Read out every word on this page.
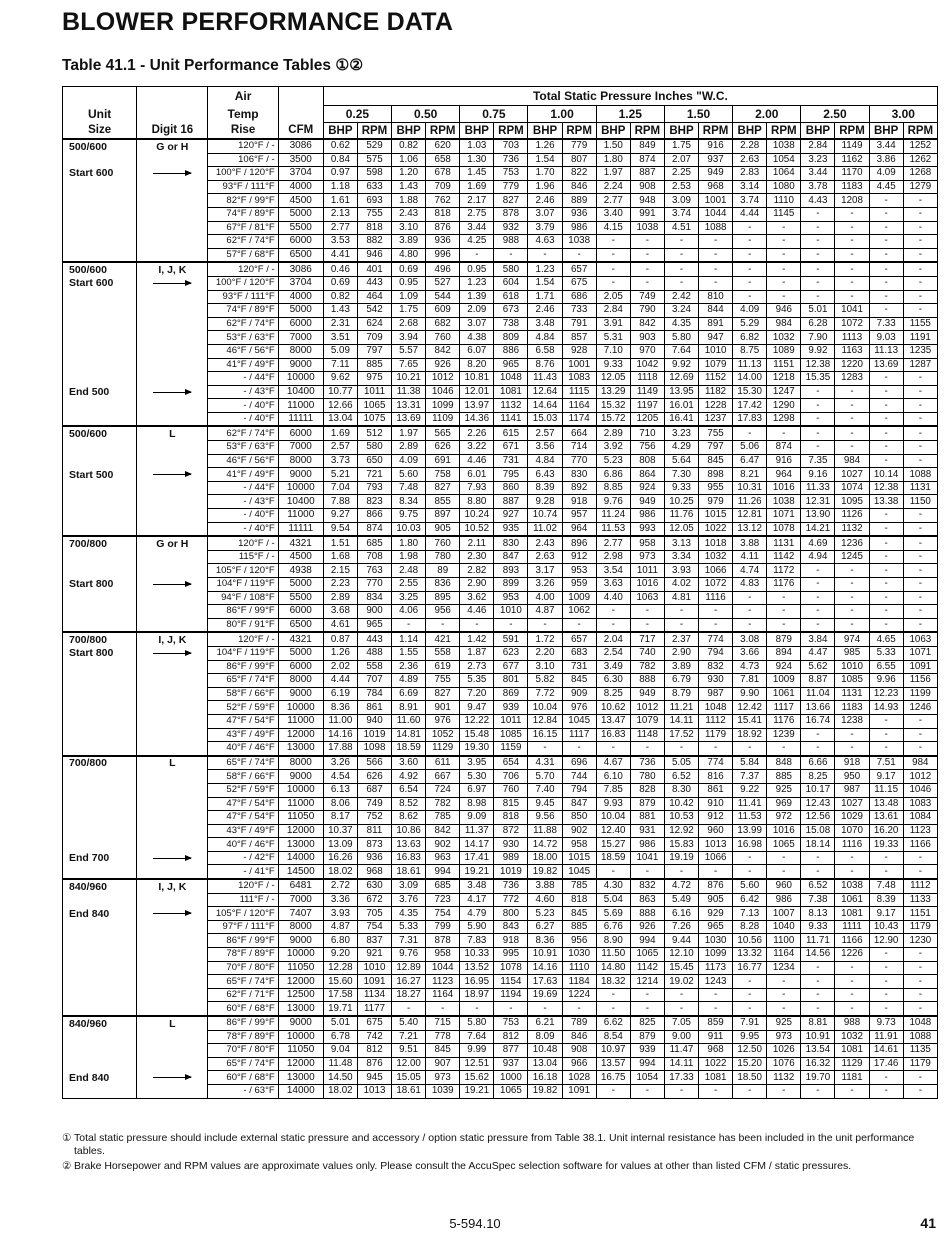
BLOWER PERFORMANCE DATA
Table 41.1 - Unit Performance Tables ①②
		Air		Total Static Pressure Inches "W.C.																	
Unit		Temp		0.25		0.50		0.75		1.00		1.25		1.50		2.00		2.50		3.00	
Size	Digit 16	Rise	CFM	BHP	RPM	BHP	RPM	BHP	RPM	BHP	RPM	BHP	RPM	BHP	RPM	BHP	RPM	BHP	RPM	BHP	RPM
500/600	G or H	120°F / -	3086	0.62	529	0.82	620	1.03	703	1.26	779	1.50	849	1.75	916	2.28	1038	2.84	1149	3.44	1252
		106°F / -	3500	0.84	575	1.06	658	1.30	736	1.54	807	1.80	874	2.07	937	2.63	1054	3.23	1162	3.86	1262
Start 600		100°F / 120°F	3704	0.97	598	1.20	678	1.45	753	1.70	822	1.97	887	2.25	949	2.83	1064	3.44	1170	4.09	1268
		93°F / 111°F	4000	1.18	633	1.43	709	1.69	779	1.96	846	2.24	908	2.53	968	3.14	1080	3.78	1183	4.45	1279
		82°F / 99°F	4500	1.61	693	1.88	762	2.17	827	2.46	889	2.77	948	3.09	1001	3.74	1110	4.43	1208	-	-
		74°F / 89°F	5000	2.13	755	2.43	818	2.75	878	3.07	936	3.40	991	3.74	1044	4.44	1145	-	-	-	-
		67°F / 81°F	5500	2.77	818	3.10	876	3.44	932	3.79	986	4.15	1038	4.51	1088	-	-	-	-	-	-
		62°F / 74°F	6000	3.53	882	3.89	936	4.25	988	4.63	1038	-	-	-	-	-	-	-	-	-	-
		57°F / 68°F	6500	4.41	946	4.80	996	-	-	-	-	-	-	-	-	-	-	-	-	-	-
500/600	I, J, K	120°F / -	3086	0.46	401	0.69	496	0.95	580	1.23	657	-	-	-	-	-	-	-	-	-	-
Start 600		100°F / 120°F	3704	0.69	443	0.95	527	1.23	604	1.54	675	-	-	-	-	-	-	-	-	-	-
		93°F / 111°F	4000	0.82	464	1.09	544	1.39	618	1.71	686	2.05	749	2.42	810	-	-	-	-	-	-
		74°F / 89°F	5000	1.43	542	1.75	609	2.09	673	2.46	733	2.84	790	3.24	844	4.09	946	5.01	1041	-	-
		62°F / 74°F	6000	2.31	624	2.68	682	3.07	738	3.48	791	3.91	842	4.35	891	5.29	984	6.28	1072	7.33	1155
		53°F / 63°F	7000	3.51	709	3.94	760	4.38	809	4.84	857	5.31	903	5.80	947	6.82	1032	7.90	1113	9.03	1191
		46°F / 56°F	8000	5.09	797	5.57	842	6.07	886	6.58	928	7.10	970	7.64	1010	8.75	1089	9.92	1163	11.13	1235
		41°F / 49°F	9000	7.11	885	7.65	926	8.20	965	8.76	1001	9.33	1042	9.92	1079	11.13	1151	12.38	1220	13.69	1287
		- / 44°F	10000	9.62	975	10.21	1012	10.81	1048	11.43	1083	12.05	1118	12.69	1152	14.00	1218	15.35	1283	-	-
End 500		- / 43°F	10400	10.77	1011	11.38	1046	12.01	1081	12.64	1115	13.29	1149	13.95	1182	15.30	1247	-	-	-	-
		- / 40°F	11000	12.66	1065	13.31	1099	13.97	1132	14.64	1164	15.32	1197	16.01	1228	17.42	1290	-	-	-	-
		- / 40°F	11111	13.04	1075	13.69	1109	14.36	1141	15.03	1174	15.72	1205	16.41	1237	17.83	1298	-	-	-	-
500/600	L	62°F / 74°F	6000	1.69	512	1.97	565	2.26	615	2.57	664	2.89	710	3.23	755	-	-	-	-	-	-
		53°F / 63°F	7000	2.57	580	2.89	626	3.22	671	3.56	714	3.92	756	4.29	797	5.06	874	-	-	-	-
		46°F / 56°F	8000	3.73	650	4.09	691	4.46	731	4.84	770	5.23	808	5.64	845	6.47	916	7.35	984	-	-
Start 500		41°F / 49°F	9000	5.21	721	5.60	758	6.01	795	6.43	830	6.86	864	7.30	898	8.21	964	9.16	1027	10.14	1088
		- / 44°F	10000	7.04	793	7.48	827	7.93	860	8.39	892	8.85	924	9.33	955	10.31	1016	11.33	1074	12.38	1131
		- / 43°F	10400	7.88	823	8.34	855	8.80	887	9.28	918	9.76	949	10.25	979	11.26	1038	12.31	1095	13.38	1150
		- / 40°F	11000	9.27	866	9.75	897	10.24	927	10.74	957	11.24	986	11.76	1015	12.81	1071	13.90	1126	-	-
		- / 40°F	11111	9.54	874	10.03	905	10.52	935	11.02	964	11.53	993	12.05	1022	13.12	1078	14.21	1132	-	-
700/800	G or H	120°F / -	4321	1.51	685	1.80	760	2.11	830	2.43	896	2.77	958	3.13	1018	3.88	1131	4.69	1236	-	-
		115°F / -	4500	1.68	708	1.98	780	2.30	847	2.63	912	2.98	973	3.34	1032	4.11	1142	4.94	1245	-	-
		105°F / 120°F	4938	2.15	763	2.48	89	2.82	893	3.17	953	3.54	1011	3.93	1066	4.74	1172	-	-	-	-
Start 800		104°F / 119°F	5000	2.23	770	2.55	836	2.90	899	3.26	959	3.63	1016	4.02	1072	4.83	1176	-	-	-	-
		94°F / 108°F	5500	2.89	834	3.25	895	3.62	953	4.00	1009	4.40	1063	4.81	1116	-	-	-	-	-	-
		86°F / 99°F	6000	3.68	900	4.06	956	4.46	1010	4.87	1062	-	-	-	-	-	-	-	-	-	-
		80°F / 91°F	6500	4.61	965	-	-	-	-	-	-	-	-	-	-	-	-	-	-	-	-
700/800	I, J, K	120°F / -	4321	0.87	443	1.14	421	1.42	591	1.72	657	2.04	717	2.37	774	3.08	879	3.84	974	4.65	1063
Start 800		104°F / 119°F	5000	1.26	488	1.55	558	1.87	623	2.20	683	2.54	740	2.90	794	3.66	894	4.47	985	5.33	1071
		86°F / 99°F	6000	2.02	558	2.36	619	2.73	677	3.10	731	3.49	782	3.89	832	4.73	924	5.62	1010	6.55	1091
		65°F / 74°F	8000	4.44	707	4.89	755	5.35	801	5.82	845	6.30	888	6.79	930	7.81	1009	8.87	1085	9.96	1156
		58°F / 66°F	9000	6.19	784	6.69	827	7.20	869	7.72	909	8.25	949	8.79	987	9.90	1061	11.04	1131	12.23	1199
		52°F / 59°F	10000	8.36	861	8.91	901	9.47	939	10.04	976	10.62	1012	11.21	1048	12.42	1117	13.66	1183	14.93	1246
		47°F / 54°F	11000	11.00	940	11.60	976	12.22	1011	12.84	1045	13.47	1079	14.11	1112	15.41	1176	16.74	1238	-	-
		43°F / 49°F	12000	14.16	1019	14.81	1052	15.48	1085	16.15	1117	16.83	1148	17.52	1179	18.92	1239	-	-	-	-
		40°F / 46°F	13000	17.88	1098	18.59	1129	19.30	1159	-	-	-	-	-	-	-	-	-	-	-	-
700/800	L	65°F / 74°F	8000	3.26	566	3.60	611	3.95	654	4.31	696	4.67	736	5.05	774	5.84	848	6.66	918	7.51	984
		58°F / 66°F	9000	4.54	626	4.92	667	5.30	706	5.70	744	6.10	780	6.52	816	7.37	885	8.25	950	9.17	1012
		52°F / 59°F	10000	6.13	687	6.54	724	6.97	760	7.40	794	7.85	828	8.30	861	9.22	925	10.17	987	11.15	1046
		47°F / 54°F	11000	8.06	749	8.52	782	8.98	815	9.45	847	9.93	879	10.42	910	11.41	969	12.43	1027	13.48	1083
		47°F / 54°F	11050	8.17	752	8.62	785	9.09	818	9.56	850	10.04	881	10.53	912	11.53	972	12.56	1029	13.61	1084
		43°F / 49°F	12000	10.37	811	10.86	842	11.37	872	11.88	902	12.40	931	12.92	960	13.99	1016	15.08	1070	16.20	1123
		40°F / 46°F	13000	13.09	873	13.63	902	14.17	930	14.72	958	15.27	986	15.83	1013	16.98	1065	18.14	1116	19.33	1166
End 700		- / 42°F	14000	16.26	936	16.83	963	17.41	989	18.00	1015	18.59	1041	19.19	1066	-	-	-	-	-	-
		- / 41°F	14500	18.02	968	18.61	994	19.21	1019	19.82	1045	-	-	-	-	-	-	-	-	-	-
840/960	I, J, K	120°F / -	6481	2.72	630	3.09	685	3.48	736	3.88	785	4.30	832	4.72	876	5.60	960	6.52	1038	7.48	1112
		111°F / -	7000	3.36	672	3.76	723	4.17	772	4.60	818	5.04	863	5.49	905	6.42	986	7.38	1061	8.39	1133
End 840		105°F / 120°F	7407	3.93	705	4.35	754	4.79	800	5.23	845	5.69	888	6.16	929	7.13	1007	8.13	1081	9.17	1151
		97°F / 111°F	8000	4.87	754	5.33	799	5.90	843	6.27	885	6.76	926	7.26	965	8.28	1040	9.33	1111	10.43	1179
		86°F / 99°F	9000	6.80	837	7.31	878	7.83	918	8.36	956	8.90	994	9.44	1030	10.56	1100	11.71	1166	12.90	1230
		78°F / 89°F	10000	9.20	921	9.76	958	10.33	995	10.91	1030	11.50	1065	12.10	1099	13.32	1164	14.56	1226	-	-
		70°F / 80°F	11050	12.28	1010	12.89	1044	13.52	1078	14.16	1110	14.80	1142	15.45	1173	16.77	1234	-	-	-	-
		65°F / 74°F	12000	15.60	1091	16.27	1123	16.95	1154	17.63	1184	18.32	1214	19.02	1243	-	-	-	-	-	-
		62°F / 71°F	12500	17.58	1134	18.27	1164	18.97	1194	19.69	1224	-	-	-	-	-	-	-	-	-	-
		60°F / 68°F	13000	19.71	1177	-	-	-	-	-	-	-	-	-	-	-	-	-	-	-	-
840/960	L	86°F / 99°F	9000	5.01	675	5.40	715	5.80	753	6.21	789	6.62	825	7.05	859	7.91	925	8.81	988	9.73	1048
		78°F / 89°F	10000	6.78	742	7.21	778	7.64	812	8.09	846	8.54	879	9.00	911	9.95	973	10.91	1032	11.91	1088
		70°F / 80°F	11050	9.04	812	9.51	845	9.99	877	10.48	908	10.97	939	11.47	968	12.50	1026	13.54	1081	14.61	1135
		65°F / 74°F	12000	11.48	876	12.00	907	12.51	937	13.04	966	13.57	994	14.11	1022	15.20	1076	16.32	1129	17.46	1179
End 840		60°F / 68°F	13000	14.50	945	15.05	973	15.62	1000	16.18	1028	16.75	1054	17.33	1081	18.50	1132	19.70	1181	-	-
		- / 63°F	14000	18.02	1013	18.61	1039	19.21	1065	19.82	1091	-	-	-	-	-	-	-	-	-	-
① Total static pressure should include external static pressure and accessory / option static pressure from Table 38.1. Unit internal resistance has been included in the unit performance tables.
② Brake Horsepower and RPM values are approximate values only. Please consult the AccuSpec selection software for values at other than listed CFM / static pressures.
5-594.10	41
